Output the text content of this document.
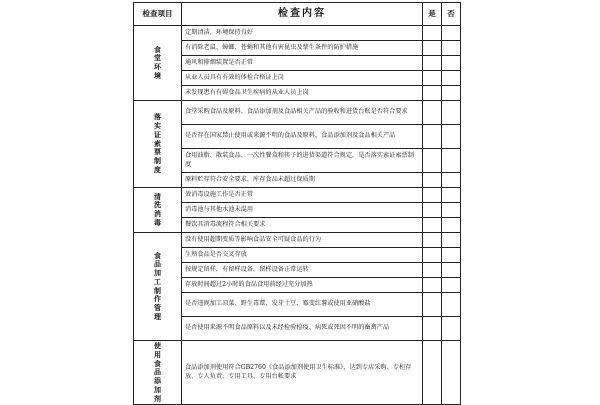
检查项目	检查内容	是	否
食堂环境	定期清洁，环境保持良好		
	有消除老鼠、蟑螂、苍蝇和其他有害昆虫及孳生条件的防护措施		
	通风和排烟装置是否正常		
	从业人员具有有效的体检合格证上岗		
	未发现患有有碍食品卫生疾病的从业人员上岗		
落实证索票制度	食堂采购食品及原料、食品添加剂及食品相关产品的验收和进货台账是否符合要求		
	是否存在国家禁止使用或来源不明的食品及原料、食品添加剂及食品相关产品		
	食用油脂、散装食品、一次性餐盒和筷子的进货渠道符合规定，是否落实索证索票制度		
	原料贮存符合安全要求，库存食品未超过保质期		
清洗消毒	效消毒设施工作是否正常		
	消毒池与其他水池未混用		
	餐饮具消毒流程符合相关要求		
食品加工制作管理	没有使用超期变质等影响食品安全可疑食品的行为		
	生熟食品是否交叉存放		
	按规定留样，有留样设备，留样设备正常运转		
	存放时间超过2小时的食品食用前经过充分加热		
	是否违规加工凉菜、野生毒蕈、发芽土豆、霉变红薯或使用亚硝酸盐		
	是否使用来源不明食品原料以及未经检验检疫、病死或死因不明的畜禽产品		
使用食品添加剂	食品添加剂使用符合GB2760《食品添加剂使用卫生标准》，达到专店采购、专柜存放、专人负责、专用工具、专用台帐要求		
